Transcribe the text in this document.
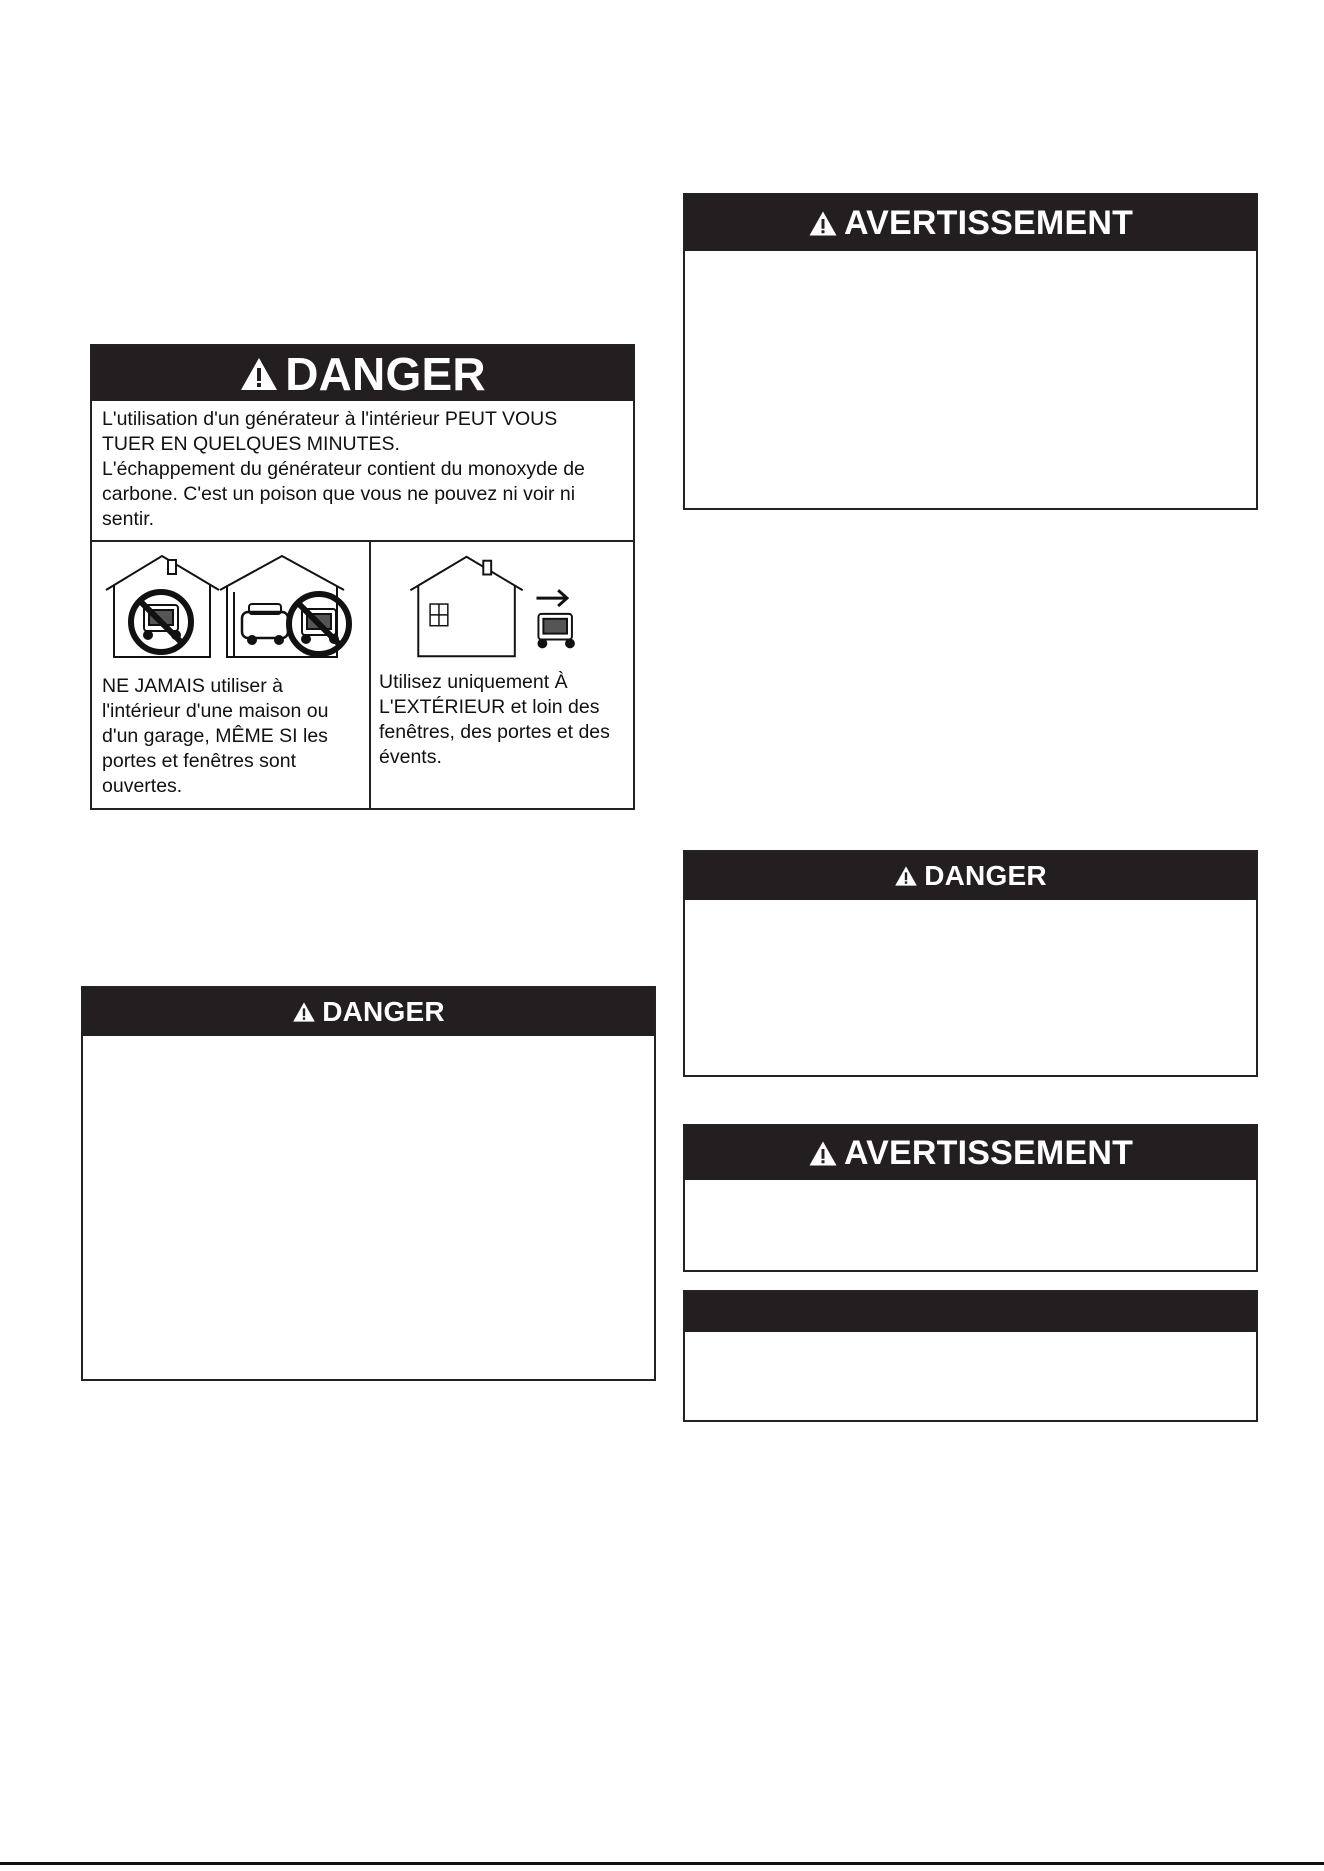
DANGER
L'utilisation d'un générateur à l'intérieur PEUT VOUS
TUER EN QUELQUES MINUTES.
L'échappement du générateur contient du monoxyde de
carbone. C'est un poison que vous ne pouvez ni voir ni
sentir.
NE JAMAIS utiliser à
l'intérieur d'une maison ou
d'un garage, MÊME SI les
portes et fenêtres sont
ouvertes.
Utilisez uniquement À
L'EXTÉRIEUR et loin des
fenêtres, des portes et des
évents.
DANGER
AVERTISSEMENT
DANGER
AVERTISSEMENT
